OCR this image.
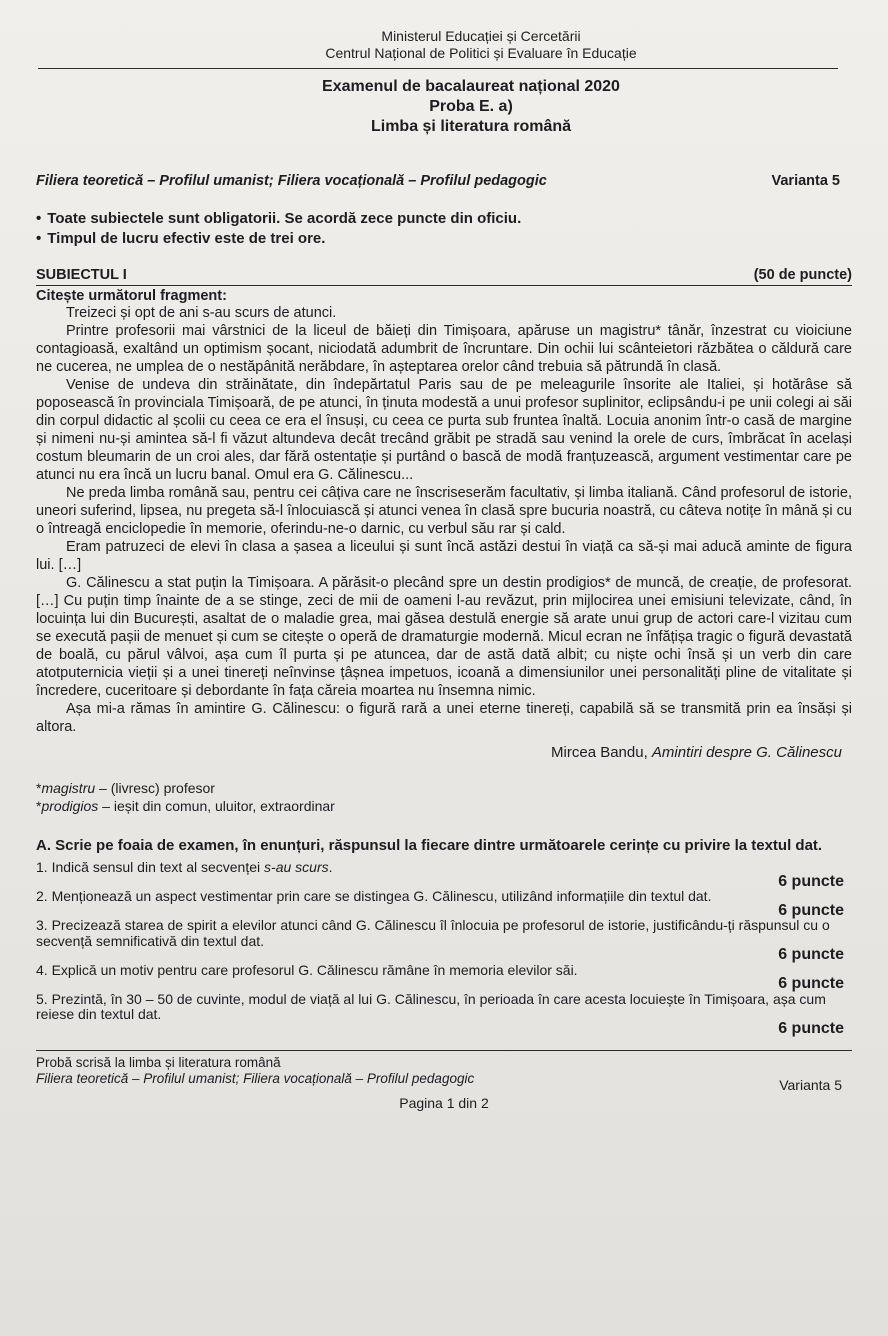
Ministerul Educației și Cercetării
Centrul Național de Politici și Evaluare în Educație
Examenul de bacalaureat național 2020
Proba E. a)
Limba și literatura română
Filiera teoretică – Profilul umanist; Filiera vocațională – Profilul pedagogic	Varianta 5
• Toate subiectele sunt obligatorii. Se acordă zece puncte din oficiu.
• Timpul de lucru efectiv este de trei ore.
SUBIECTUL I	(50 de puncte)
Citește următorul fragment:

Treizeci și opt de ani s-au scurs de atunci.

Printre profesorii mai vârstnici de la liceul de băieți din Timișoara, apăruse un magistru* tânăr, înzestrat cu vioiciune contagioasă, exaltând un optimism șocant, niciodată adumbrit de încruntare. Din ochii lui scânteietori răzbătea o căldură care ne cucerea, ne umplea de o nestăpânită nerăbdare, în așteptarea orelor când trebuia să pătrundă în clasă.

Venise de undeva din străinătate, din îndepărtatul Paris sau de pe meleagurile însorite ale Italiei, și hotărâse să poposească în provinciala Timișoară, de pe atunci, în ținuta modestă a unui profesor suplinitor, eclipsându-i pe unii colegi ai săi din corpul didactic al școlii cu ceea ce era el însuși, cu ceea ce purta sub fruntea înaltă. Locuia anonim într-o casă de margine și nimeni nu-și amintea să-l fi văzut altundeva decât trecând grăbit pe stradă sau venind la orele de curs, îmbrăcat în același costum bleumarin de un croi ales, dar fără ostentație și purtând o bască de modă franțuzească, argument vestimentar care pe atunci nu era încă un lucru banal. Omul era G. Călinescu...

Ne preda limba română sau, pentru cei câțiva care ne înscriseserăm facultativ, și limba italiană. Când profesorul de istorie, uneori suferind, lipsea, nu pregeta să-l înlocuiască și atunci venea în clasă spre bucuria noastră, cu câteva notițe în mână și cu o întreagă enciclopedie în memorie, oferindu-ne-o darnic, cu verbul său rar și cald.

Eram patruzeci de elevi în clasa a șasea a liceului și sunt încă astăzi destui în viață ca să-și mai aducă aminte de figura lui. […]

G. Călinescu a stat puțin la Timișoara. A părăsit-o plecând spre un destin prodigios* de muncă, de creație, de profesorat. […] Cu puțin timp înainte de a se stinge, zeci de mii de oameni l-au revăzut, prin mijlocirea unei emisiuni televizate, când, în locuința lui din București, asaltat de o maladie grea, mai găsea destulă energie să arate unui grup de actori care-l vizitau cum se execută pașii de menuet și cum se citește o operă de dramaturgie modernă. Micul ecran ne înfățișa tragic o figură devastată de boală, cu părul vâlvoi, așa cum îl purta și pe atuncea, dar de astă dată albit; cu niște ochi însă și un verb din care atotputernicia vieții și a unei tinereți neînvinse țâșnea impetuos, icoană a dimensiunilor unei personalități pline de vitalitate și încredere, cuceritoare și debordante în fața căreia moartea nu însemna nimic.

Așa mi-a rămas în amintire G. Călinescu: o figură rară a unei eterne tinereți, capabilă să se transmită prin ea însăși și altora.

Mircea Bandu, Amintiri despre G. Călinescu
*magistru – (livresc) profesor
*prodigios – ieșit din comun, uluitor, extraordinar
A. Scrie pe foaia de examen, în enunțuri, răspunsul la fiecare dintre următoarele cerințe cu privire la textul dat.
1. Indică sensul din text al secvenței s-au scurs.
6 puncte
2. Menționează un aspect vestimentar prin care se distingea G. Călinescu, utilizând informațiile din textul dat.
6 puncte
3. Precizează starea de spirit a elevilor atunci când G. Călinescu îl înlocuia pe profesorul de istorie, justificându-ți răspunsul cu o secvență semnificativă din textul dat.
6 puncte
4. Explică un motiv pentru care profesorul G. Călinescu rămâne în memoria elevilor săi.
6 puncte
5. Prezintă, în 30 – 50 de cuvinte, modul de viață al lui G. Călinescu, în perioada în care acesta locuiește în Timișoara, așa cum reiese din textul dat.
6 puncte
Probă scrisă la limba și literatura română
Filiera teoretică – Profilul umanist; Filiera vocațională – Profilul pedagogic	Varianta 5
Pagina 1 din 2
